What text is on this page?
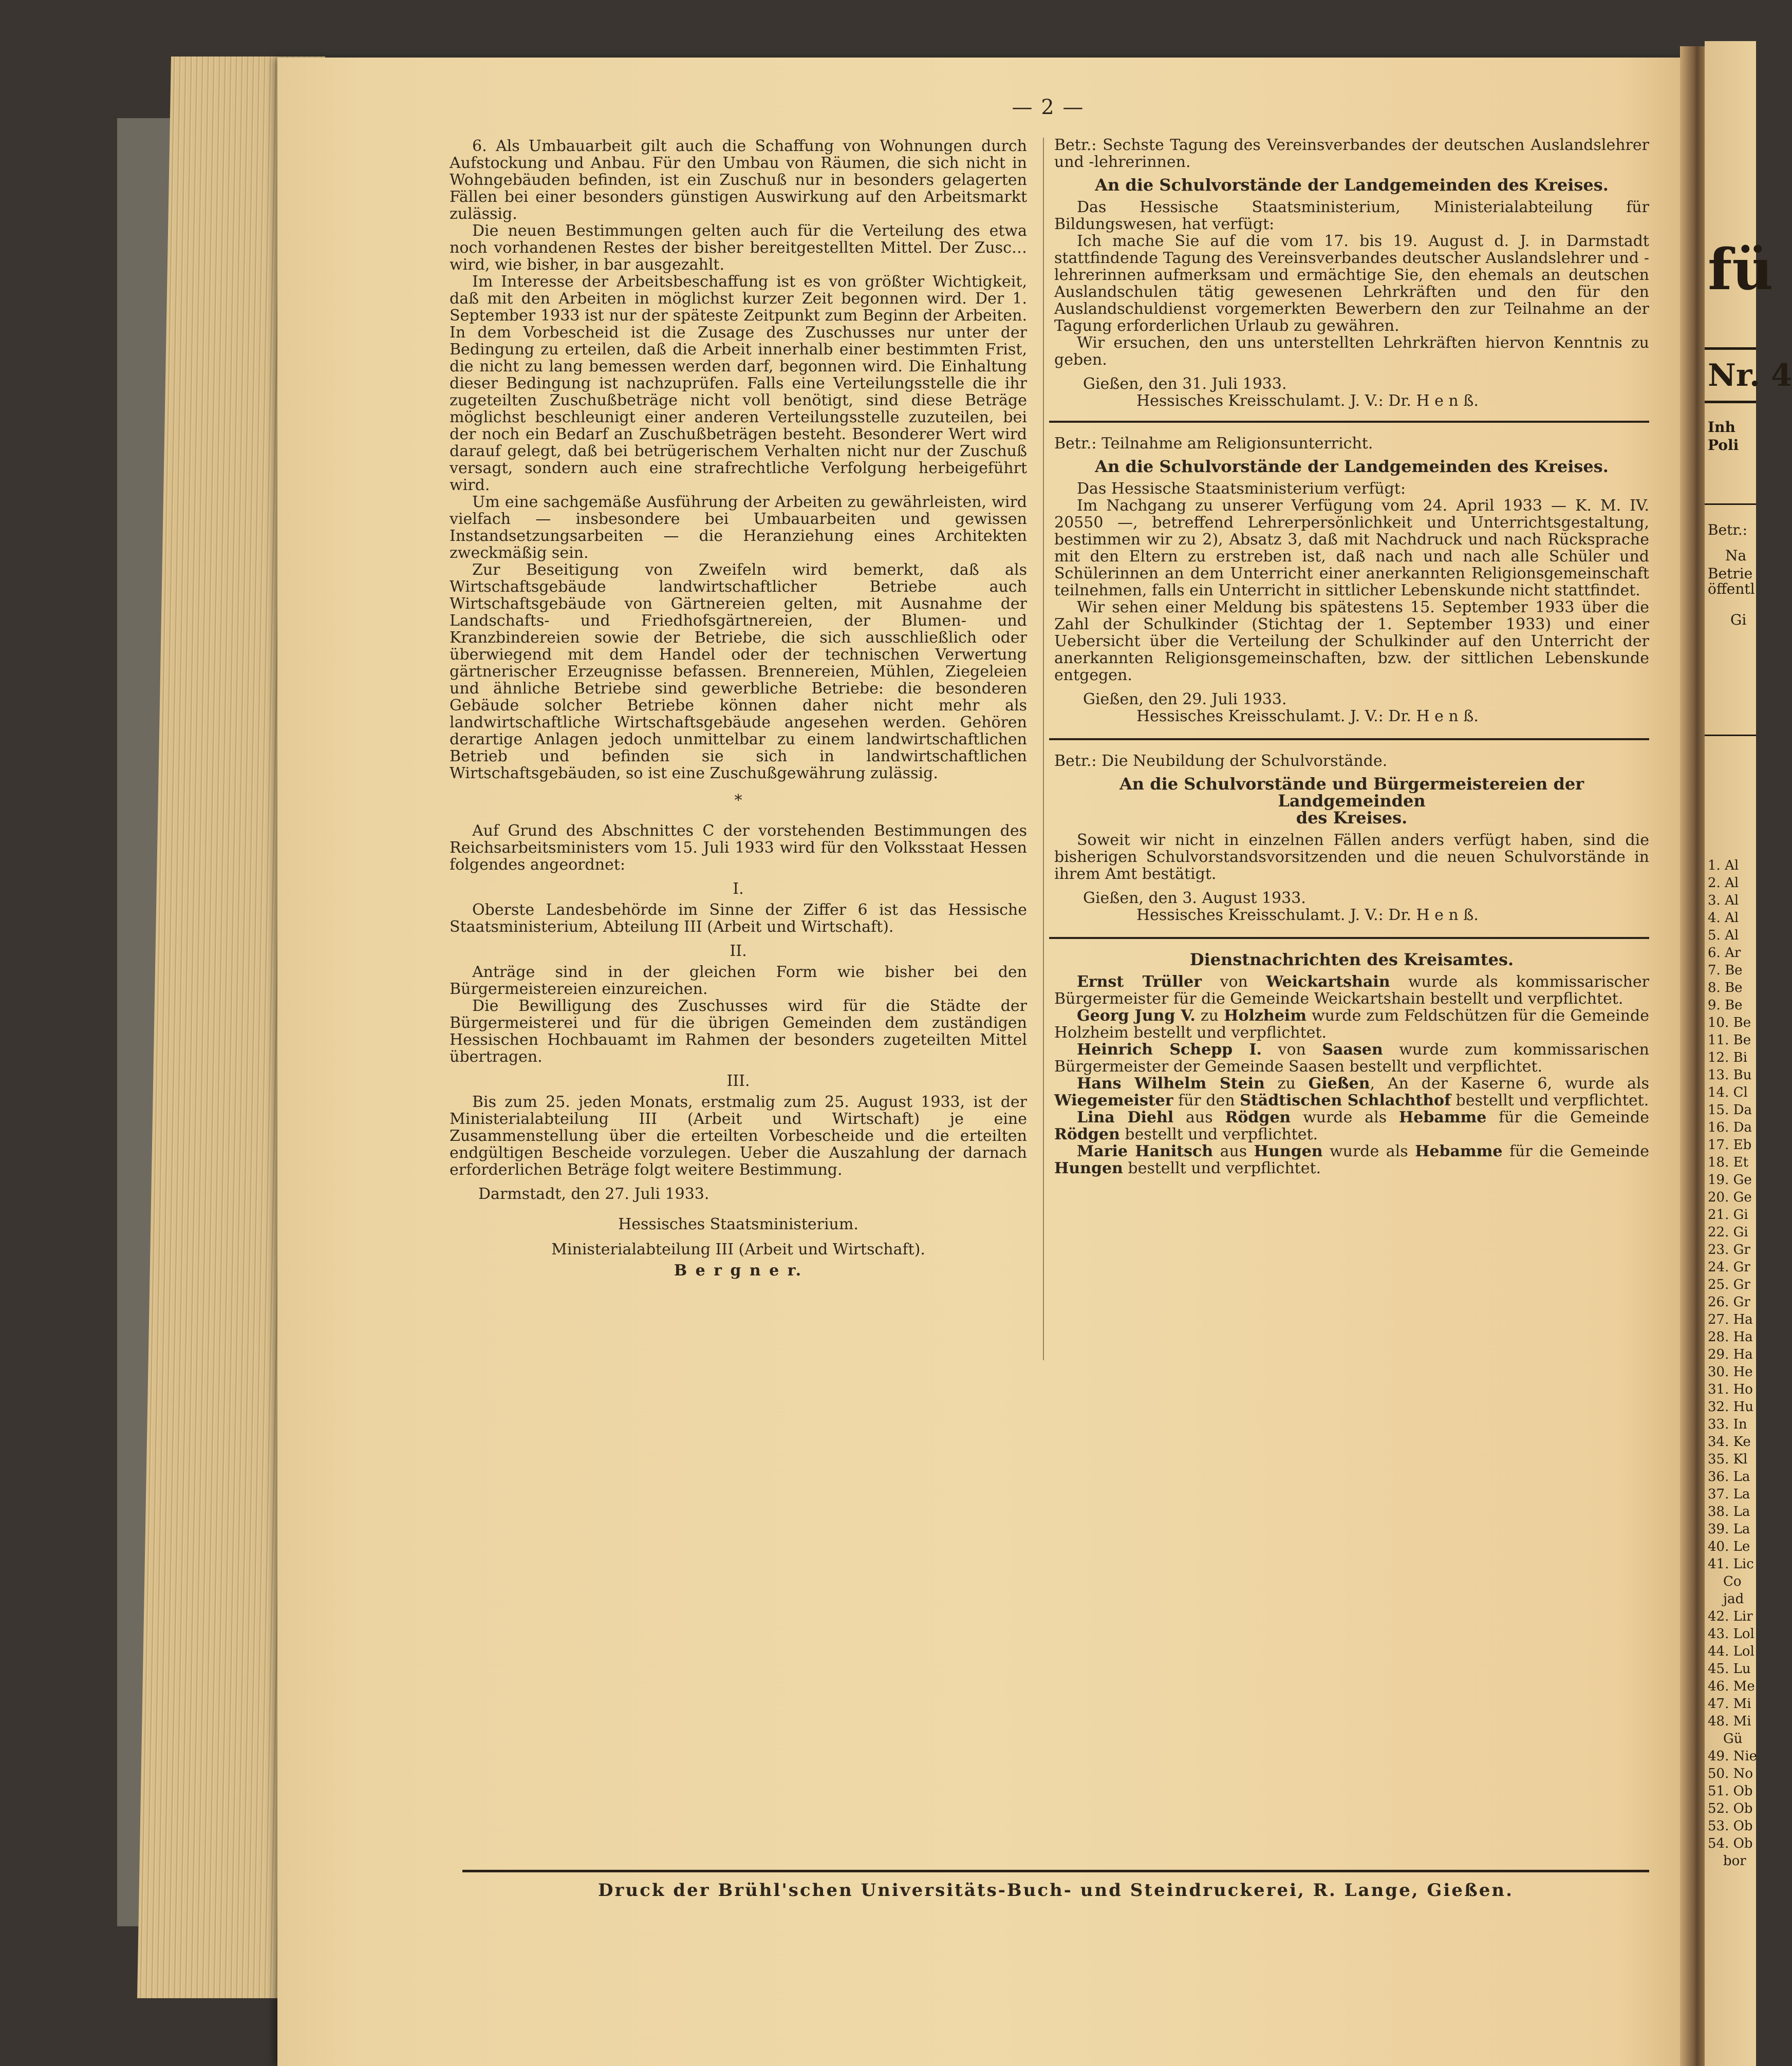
fü
Nr. 4
Inh
Poli
Betr.:
Na
Betrie
öffentl
Gi
1. Al
2. Al
3. Al
4. Al
5. Al
6. Ar
7. Be
8. Be
9. Be
10. Be
11. Be
12. Bi
13. Bu
14. Cl
15. Da
16. Da
17. Eb
18. Et
19. Ge
20. Ge
21. Gi
22. Gi
23. Gr
24. Gr
25. Gr
26. Gr
27. Ha
28. Ha
29. Ha
30. He
31. Ho
32. Hu
33. In
34. Ke
35. Kl
36. La
37. La
38. La
39. La
40. Le
41. Lic
Co
jad
42. Lir
43. Lol
44. Lol
45. Lu
46. Me
47. Mi
48. Mi
Gü
49. Nie
50. No
51. Ob
52. Ob
53. Ob
54. Ob
bor
— 2 —

6. Als Umbauarbeit gilt auch die Schaffung von Wohnungen durch Aufstockung und Anbau. Für den Umbau von Räumen, die sich nicht in Wohngebäuden befinden, ist ein Zuschuß nur in besonders gelagerten Fällen bei einer besonders günstigen Auswirkung auf den Arbeitsmarkt zulässig.

Die neuen Bestimmungen gelten auch für die Verteilung des etwa noch vorhandenen Restes der bisher bereitgestellten Mittel. Der Zusc… wird, wie bisher, in bar ausgezahlt.

Im Interesse der Arbeitsbeschaffung ist es von größter Wichtigkeit, daß mit den Arbeiten in möglichst kurzer Zeit begonnen wird. Der 1. September 1933 ist nur der späteste Zeitpunkt zum Beginn der Arbeiten. In dem Vorbescheid ist die Zusage des Zuschusses nur unter der Bedingung zu erteilen, daß die Arbeit innerhalb einer bestimmten Frist, die nicht zu lang bemessen werden darf, begonnen wird. Die Einhaltung dieser Bedingung ist nachzuprüfen. Falls eine Verteilungsstelle die ihr zugeteilten Zuschußbeträge nicht voll benötigt, sind diese Beträge möglichst beschleunigt einer anderen Verteilungsstelle zuzuteilen, bei der noch ein Bedarf an Zuschußbeträgen besteht. Besonderer Wert wird darauf gelegt, daß bei betrügerischem Verhalten nicht nur der Zuschuß versagt, sondern auch eine strafrechtliche Verfolgung herbeigeführt wird.

Um eine sachgemäße Ausführung der Arbeiten zu gewährleisten, wird vielfach — insbesondere bei Umbauarbeiten und gewissen Instandsetzungsarbeiten — die Heranziehung eines Architekten zweckmäßig sein.

Zur Beseitigung von Zweifeln wird bemerkt, daß als Wirtschaftsgebäude landwirtschaftlicher Betriebe auch Wirtschaftsgebäude von Gärtnereien gelten, mit Ausnahme der Landschafts- und Friedhofsgärtnereien, der Blumen- und Kranzbindereien sowie der Betriebe, die sich ausschließlich oder überwiegend mit dem Handel oder der technischen Verwertung gärtnerischer Erzeugnisse befassen. Brennereien, Mühlen, Ziegeleien und ähnliche Betriebe sind gewerbliche Betriebe: die besonderen Gebäude solcher Betriebe können daher nicht mehr als landwirtschaftliche Wirtschaftsgebäude angesehen werden. Gehören derartige Anlagen jedoch unmittelbar zu einem landwirtschaftlichen Betrieb und befinden sie sich in landwirtschaftlichen Wirtschaftsgebäuden, so ist eine Zuschußgewährung zulässig.

*

Auf Grund des Abschnittes C der vorstehenden Bestimmungen des Reichsarbeitsministers vom 15. Juli 1933 wird für den Volksstaat Hessen folgendes angeordnet:

I.

Oberste Landesbehörde im Sinne der Ziffer 6 ist das Hessische Staatsministerium, Abteilung III (Arbeit und Wirtschaft).

II.

Anträge sind in der gleichen Form wie bisher bei den Bürgermeistereien einzureichen.

Die Bewilligung des Zuschusses wird für die Städte der Bürgermeisterei und für die übrigen Gemeinden dem zuständigen Hessischen Hochbauamt im Rahmen der besonders zugeteilten Mittel übertragen.

III.

Bis zum 25. jeden Monats, erstmalig zum 25. August 1933, ist der Ministerialabteilung III (Arbeit und Wirtschaft) je eine Zusammenstellung über die erteilten Vorbescheide und die erteilten endgültigen Bescheide vorzulegen. Ueber die Auszahlung der darnach erforderlichen Beträge folgt weitere Bestimmung.

Darmstadt, den 27. Juli 1933.

Hessisches Staatsministerium.
Ministerialabteilung III (Arbeit und Wirtschaft).
B e r g n e r.

Betr.: Sechste Tagung des Vereinsverbandes der deutschen Auslandslehrer und -lehrerinnen.

An die Schulvorstände der Landgemeinden des Kreises.

Das Hessische Staatsministerium, Ministerialabteilung für Bildungswesen, hat verfügt:

Ich mache Sie auf die vom 17. bis 19. August d. J. in Darmstadt stattfindende Tagung des Vereinsverbandes deutscher Auslandslehrer und -lehrerinnen aufmerksam und ermächtige Sie, den ehemals an deutschen Auslandschulen tätig gewesenen Lehrkräften und den für den Auslandschuldienst vorgemerkten Bewerbern den zur Teilnahme an der Tagung erforderlichen Urlaub zu gewähren.

Wir ersuchen, den uns unterstellten Lehrkräften hiervon Kenntnis zu geben.

Gießen, den 31. Juli 1933.

Hessisches Kreisschulamt. J. V.: Dr. H e n ß.

Betr.: Teilnahme am Religionsunterricht.

An die Schulvorstände der Landgemeinden des Kreises.

Das Hessische Staatsministerium verfügt:

Im Nachgang zu unserer Verfügung vom 24. April 1933 — K. M. IV. 20550 —, betreffend Lehrerpersönlichkeit und Unterrichtsgestaltung, bestimmen wir zu 2), Absatz 3, daß mit Nachdruck und nach Rücksprache mit den Eltern zu erstreben ist, daß nach und nach alle Schüler und Schülerinnen an dem Unterricht einer anerkannten Religionsgemeinschaft teilnehmen, falls ein Unterricht in sittlicher Lebenskunde nicht stattfindet.

Wir sehen einer Meldung bis spätestens 15. September 1933 über die Zahl der Schulkinder (Stichtag der 1. September 1933) und einer Uebersicht über die Verteilung der Schulkinder auf den Unterricht der anerkannten Religionsgemeinschaften, bzw. der sittlichen Lebenskunde entgegen.

Gießen, den 29. Juli 1933.

Hessisches Kreisschulamt. J. V.: Dr. H e n ß.

Betr.: Die Neubildung der Schulvorstände.

An die Schulvorstände und Bürgermeistereien der Landgemeinden
des Kreises.

Soweit wir nicht in einzelnen Fällen anders verfügt haben, sind die bisherigen Schulvorstandsvorsitzenden und die neuen Schulvorstände in ihrem Amt bestätigt.

Gießen, den 3. August 1933.

Hessisches Kreisschulamt. J. V.: Dr. H e n ß.

Dienstnachrichten des Kreisamtes.

Ernst Trüller von Weickartshain wurde als kommissarischer Bürgermeister für die Gemeinde Weickartshain bestellt und verpflichtet.

Georg Jung V. zu Holzheim wurde zum Feldschützen für die Gemeinde Holzheim bestellt und verpflichtet.

Heinrich Schepp I. von Saasen wurde zum kommissarischen Bürgermeister der Gemeinde Saasen bestellt und verpflichtet.

Hans Wilhelm Stein zu Gießen, An der Kaserne 6, wurde als Wiegemeister für den Städtischen Schlachthof bestellt und verpflichtet.

Lina Diehl aus Rödgen wurde als Hebamme für die Gemeinde Rödgen bestellt und verpflichtet.

Marie Hanitsch aus Hungen wurde als Hebamme für die Gemeinde Hungen bestellt und verpflichtet.

Druck der Brühl'schen Universitäts-Buch- und Steindruckerei, R. Lange, Gießen.
